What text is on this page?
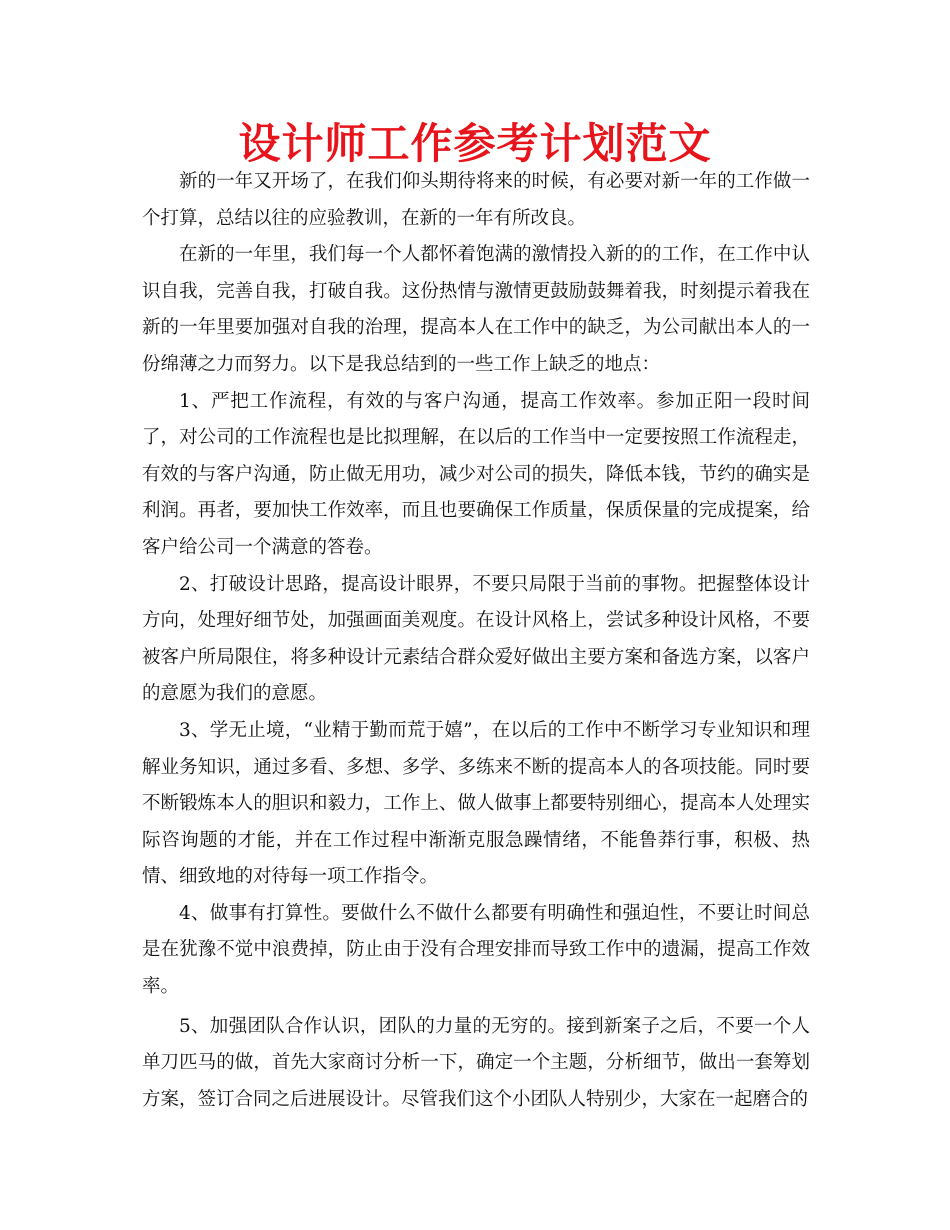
设计师工作参考计划范文

新的一年又开场了，在我们仰头期待将来的时候，有必要对新一年的工作做一个打算，总结以往的应验教训，在新的一年有所改良。

在新的一年里，我们每一个人都怀着饱满的激情投入新的的工作，在工作中认识自我，完善自我，打破自我。这份热情与激情更鼓励鼓舞着我，时刻提示着我在新的一年里要加强对自我的治理，提高本人在工作中的缺乏，为公司献出本人的一份绵薄之力而努力。以下是我总结到的一些工作上缺乏的地点：

1、严把工作流程，有效的与客户沟通，提高工作效率。参加正阳一段时间了，对公司的工作流程也是比拟理解，在以后的工作当中一定要按照工作流程走，有效的与客户沟通，防止做无用功，减少对公司的损失，降低本钱，节约的确实是利润。再者，要加快工作效率，而且也要确保工作质量，保质保量的完成提案，给客户给公司一个满意的答卷。

2、打破设计思路，提高设计眼界，不要只局限于当前的事物。把握整体设计方向，处理好细节处，加强画面美观度。在设计风格上，尝试多种设计风格，不要被客户所局限住，将多种设计元素结合群众爱好做出主要方案和备选方案，以客户的意愿为我们的意愿。

3、学无止境，“业精于勤而荒于嬉”，在以后的工作中不断学习专业知识和理解业务知识，通过多看、多想、多学、多练来不断的提高本人的各项技能。同时要不断锻炼本人的胆识和毅力，工作上、做人做事上都要特别细心，提高本人处理实际咨询题的才能，并在工作过程中渐渐克服急躁情绪，不能鲁莽行事，积极、热情、细致地的对待每一项工作指令。

4、做事有打算性。要做什么不做什么都要有明确性和强迫性，不要让时间总是在犹豫不觉中浪费掉，防止由于没有合理安排而导致工作中的遗漏，提高工作效率。

5、加强团队合作认识，团队的力量的无穷的。接到新案子之后，不要一个人单刀匹马的做，首先大家商讨分析一下，确定一个主题，分析细节，做出一套筹划方案，签订合同之后进展设计。尽管我们这个小团队人特别少，大家在一起磨合的
